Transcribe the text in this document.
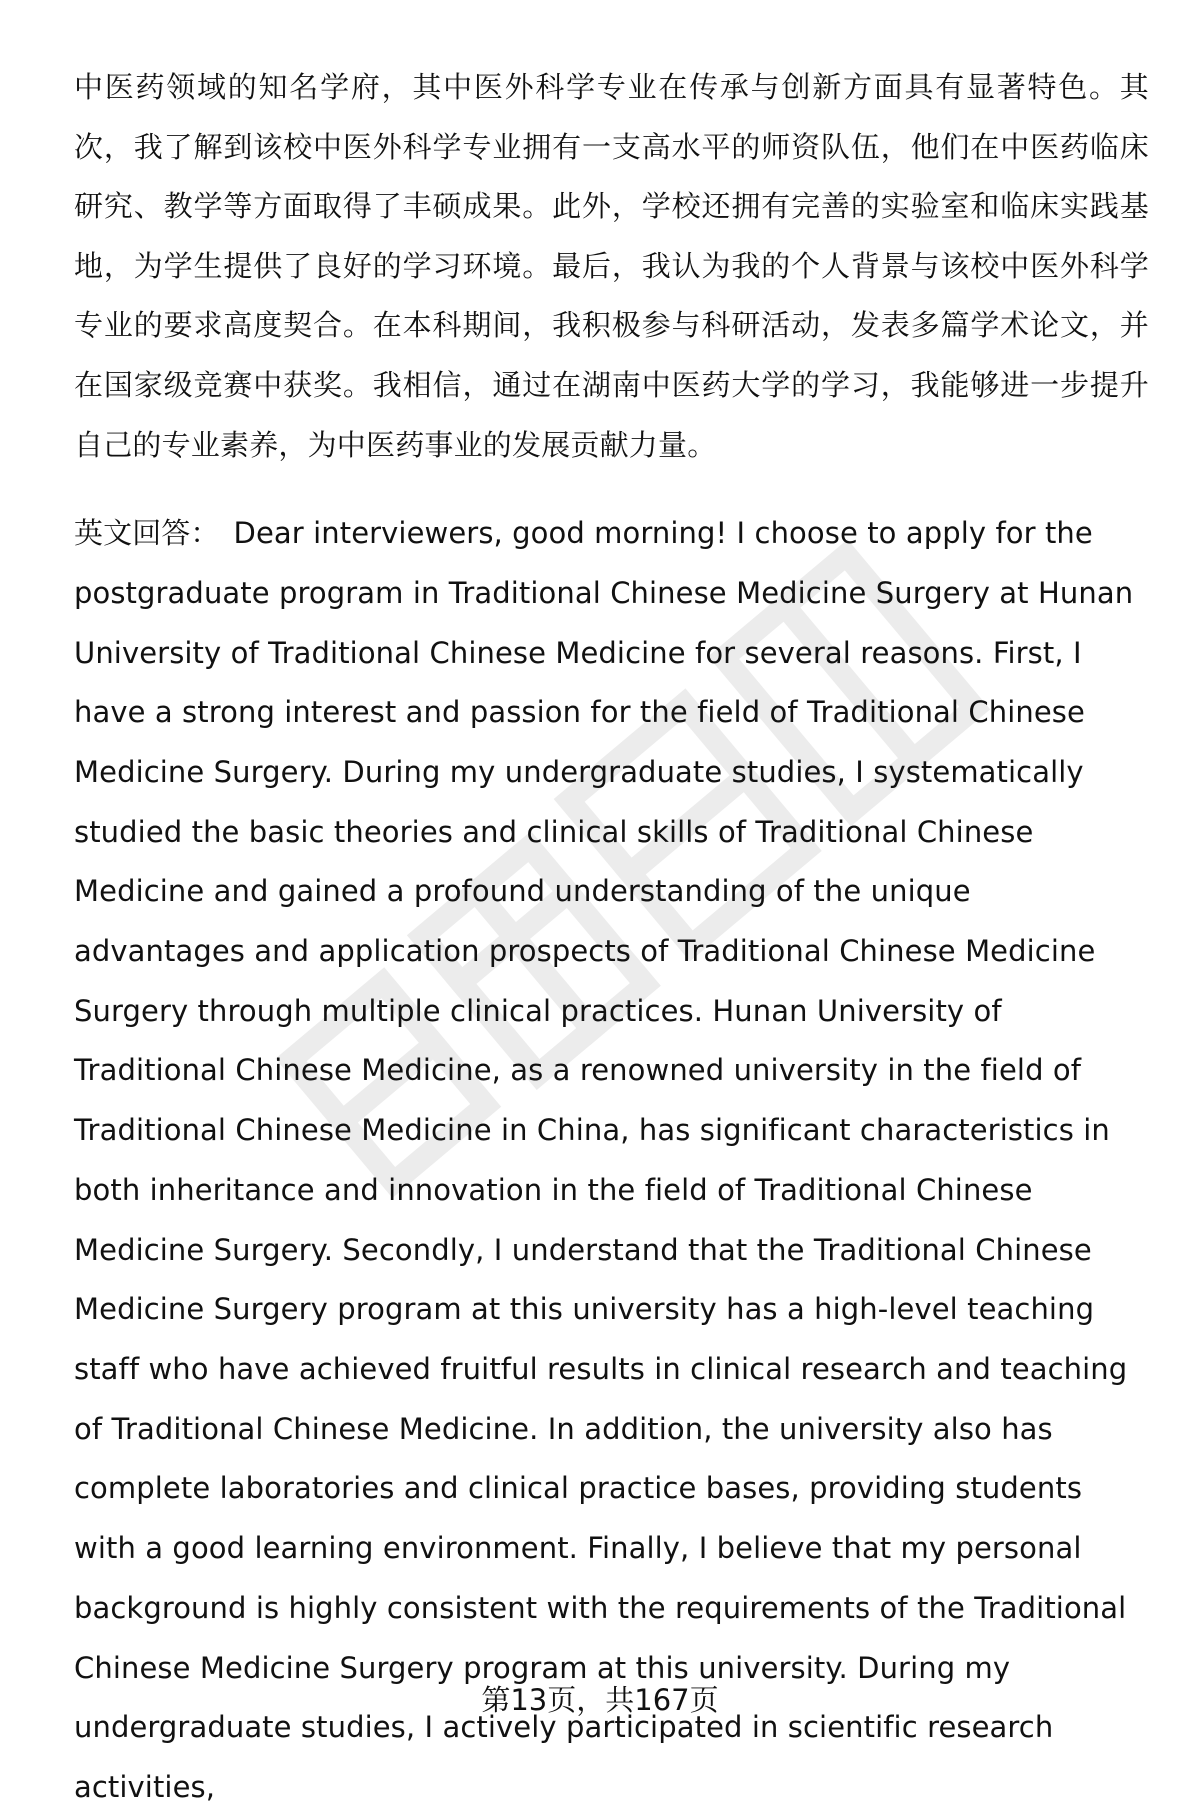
中医药领域的知名学府，其中医外科学专业在传承与创新方面具有显著特色。其次，我了解到该校中医外科学专业拥有一支高水平的师资队伍，他们在中医药临床研究、教学等方面取得了丰硕成果。此外，学校还拥有完善的实验室和临床实践基地，为学生提供了良好的学习环境。最后，我认为我的个人背景与该校中医外科学专业的要求高度契合。在本科期间，我积极参与科研活动，发表多篇学术论文，并在国家级竞赛中获奖。我相信，通过在湖南中医药大学的学习，我能够进一步提升自己的专业素养，为中医药事业的发展贡献力量。

英文回答： Dear interviewers, good morning! I choose to apply for the postgraduate program in Traditional Chinese Medicine Surgery at Hunan University of Traditional Chinese Medicine for several reasons. First, I have a strong interest and passion for the field of Traditional Chinese Medicine Surgery. During my undergraduate studies, I systematically studied the basic theories and clinical skills of Traditional Chinese Medicine and gained a profound understanding of the unique advantages and application prospects of Traditional Chinese Medicine Surgery through multiple clinical practices. Hunan University of Traditional Chinese Medicine, as a renowned university in the field of Traditional Chinese Medicine in China, has significant characteristics in both inheritance and innovation in the field of Traditional Chinese Medicine Surgery. Secondly, I understand that the Traditional Chinese Medicine Surgery program at this university has a high-level teaching staff who have achieved fruitful results in clinical research and teaching of Traditional Chinese Medicine. In addition, the university also has complete laboratories and clinical practice bases, providing students with a good learning environment. Finally, I believe that my personal background is highly consistent with the requirements of the Traditional Chinese Medicine Surgery program at this university. During my undergraduate studies, I actively participated in scientific research activities,

第13页，共167页
